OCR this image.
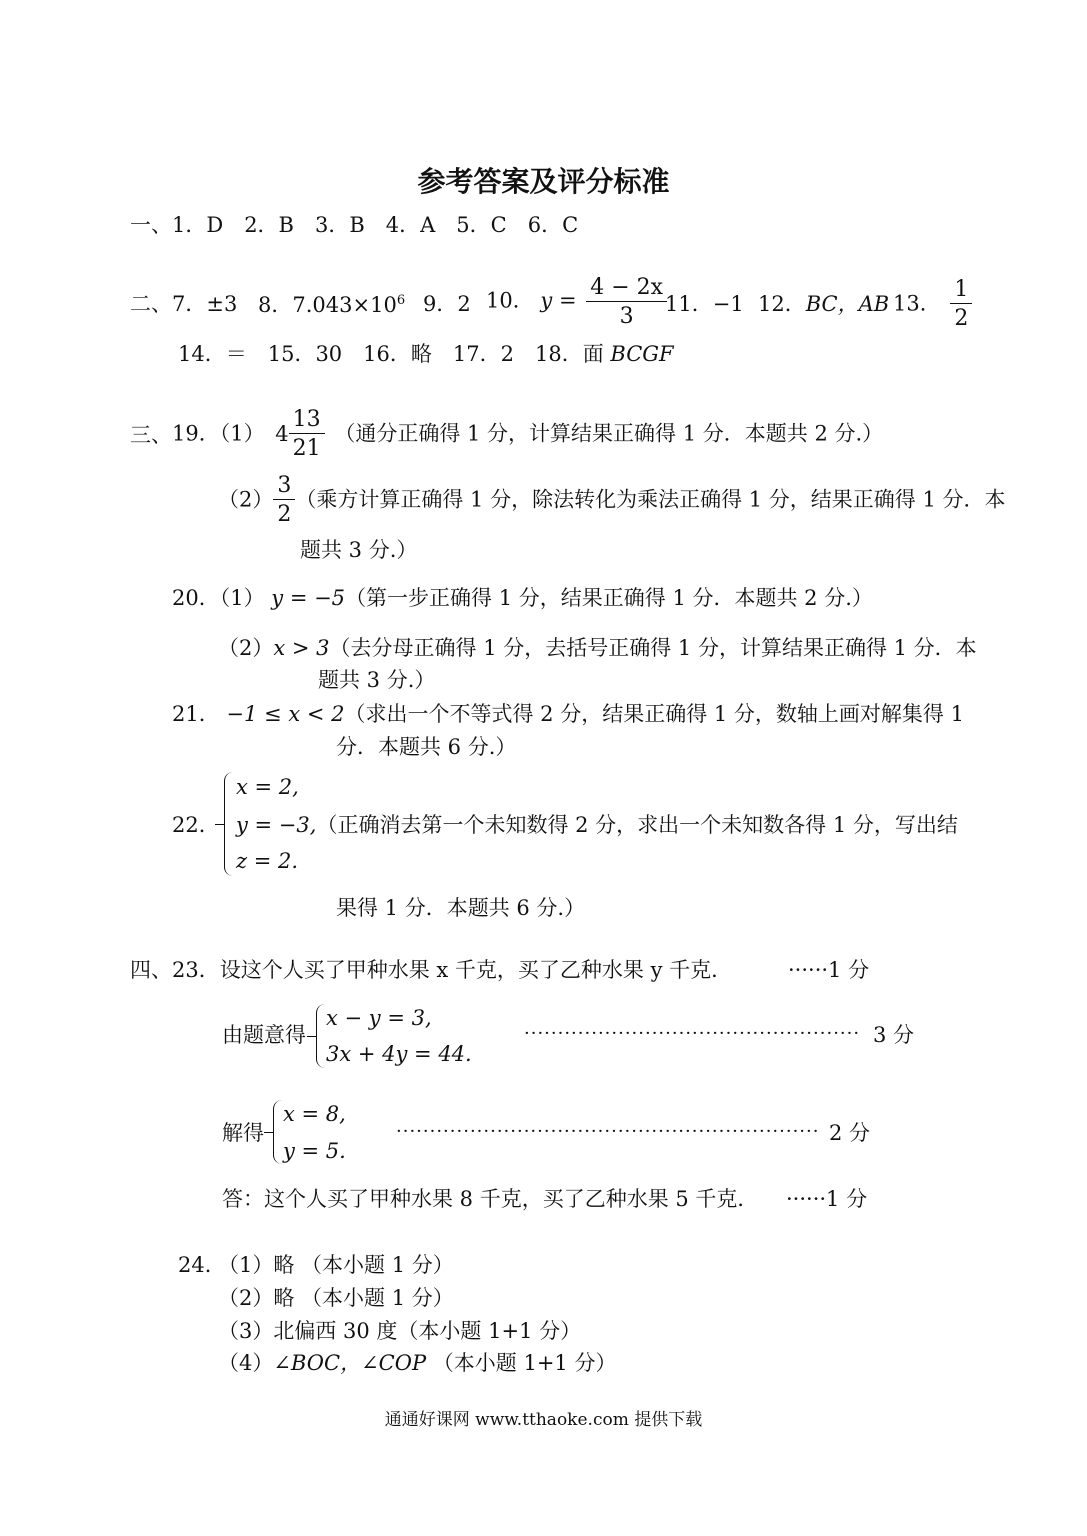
参考答案及评分标准
一、1．D　2．B　3．B　4．A　5．C　6．C
二、 7．±3 8．$7.043\times 10^6$ 9．2 10． $y = \frac{4 - 2x}{3}$
11．−1 12．BC，AB 13． $\frac{1}{2}$
14．＝　15．30　16．略　17．2　18．面 BCGF
三、 19．（1） $4 \frac{13}{21}$ （通分正确得 1 分，计算结果正确得 1 分．本题共 2 分.）
$(2) \frac{3}{2}$ （乘方计算正确得 1 分，除法转化为乘法正确得 1 分，结果正确得 1 分．本
题共 3 分.）
20．（1） y = −5（第一步正确得 1 分，结果正确得 1 分．本题共 2 分.）
（2）x > 3（去分母正确得 1 分，去括号正确得 1 分，计算结果正确得 1 分．本
题共 3 分.）
21． −1 ≤ x < 2（求出一个不等式得 2 分，结果正确得 1 分，数轴上画对解集得 1
分．本题共 6 分.）
22．
x = 2,
y = −3,（正确消去第一个未知数得 2 分，求出一个未知数各得 1 分，写出结
z = 2.
果得 1 分．本题共 6 分.）
四、23．设这个人买了甲种水果 x 千克，买了乙种水果 y 千克．	······1 分
由题意得
x − y = 3,
3x + 4y = 44.
·················································· 3 分
解得
x = 8,
y = 5.
······························································· 2 分
答：这个人买了甲种水果 8 千克，买了乙种水果 5 千克． ······1 分
24．
（1）略 （本小题 1 分）
（2）略 （本小题 1 分）
（3）北偏西 30 度（本小题 1+1 分）
（4）∠BOC，∠COP （本小题 1+1 分）
通通好课网 www.tthaoke.com 提供下载
